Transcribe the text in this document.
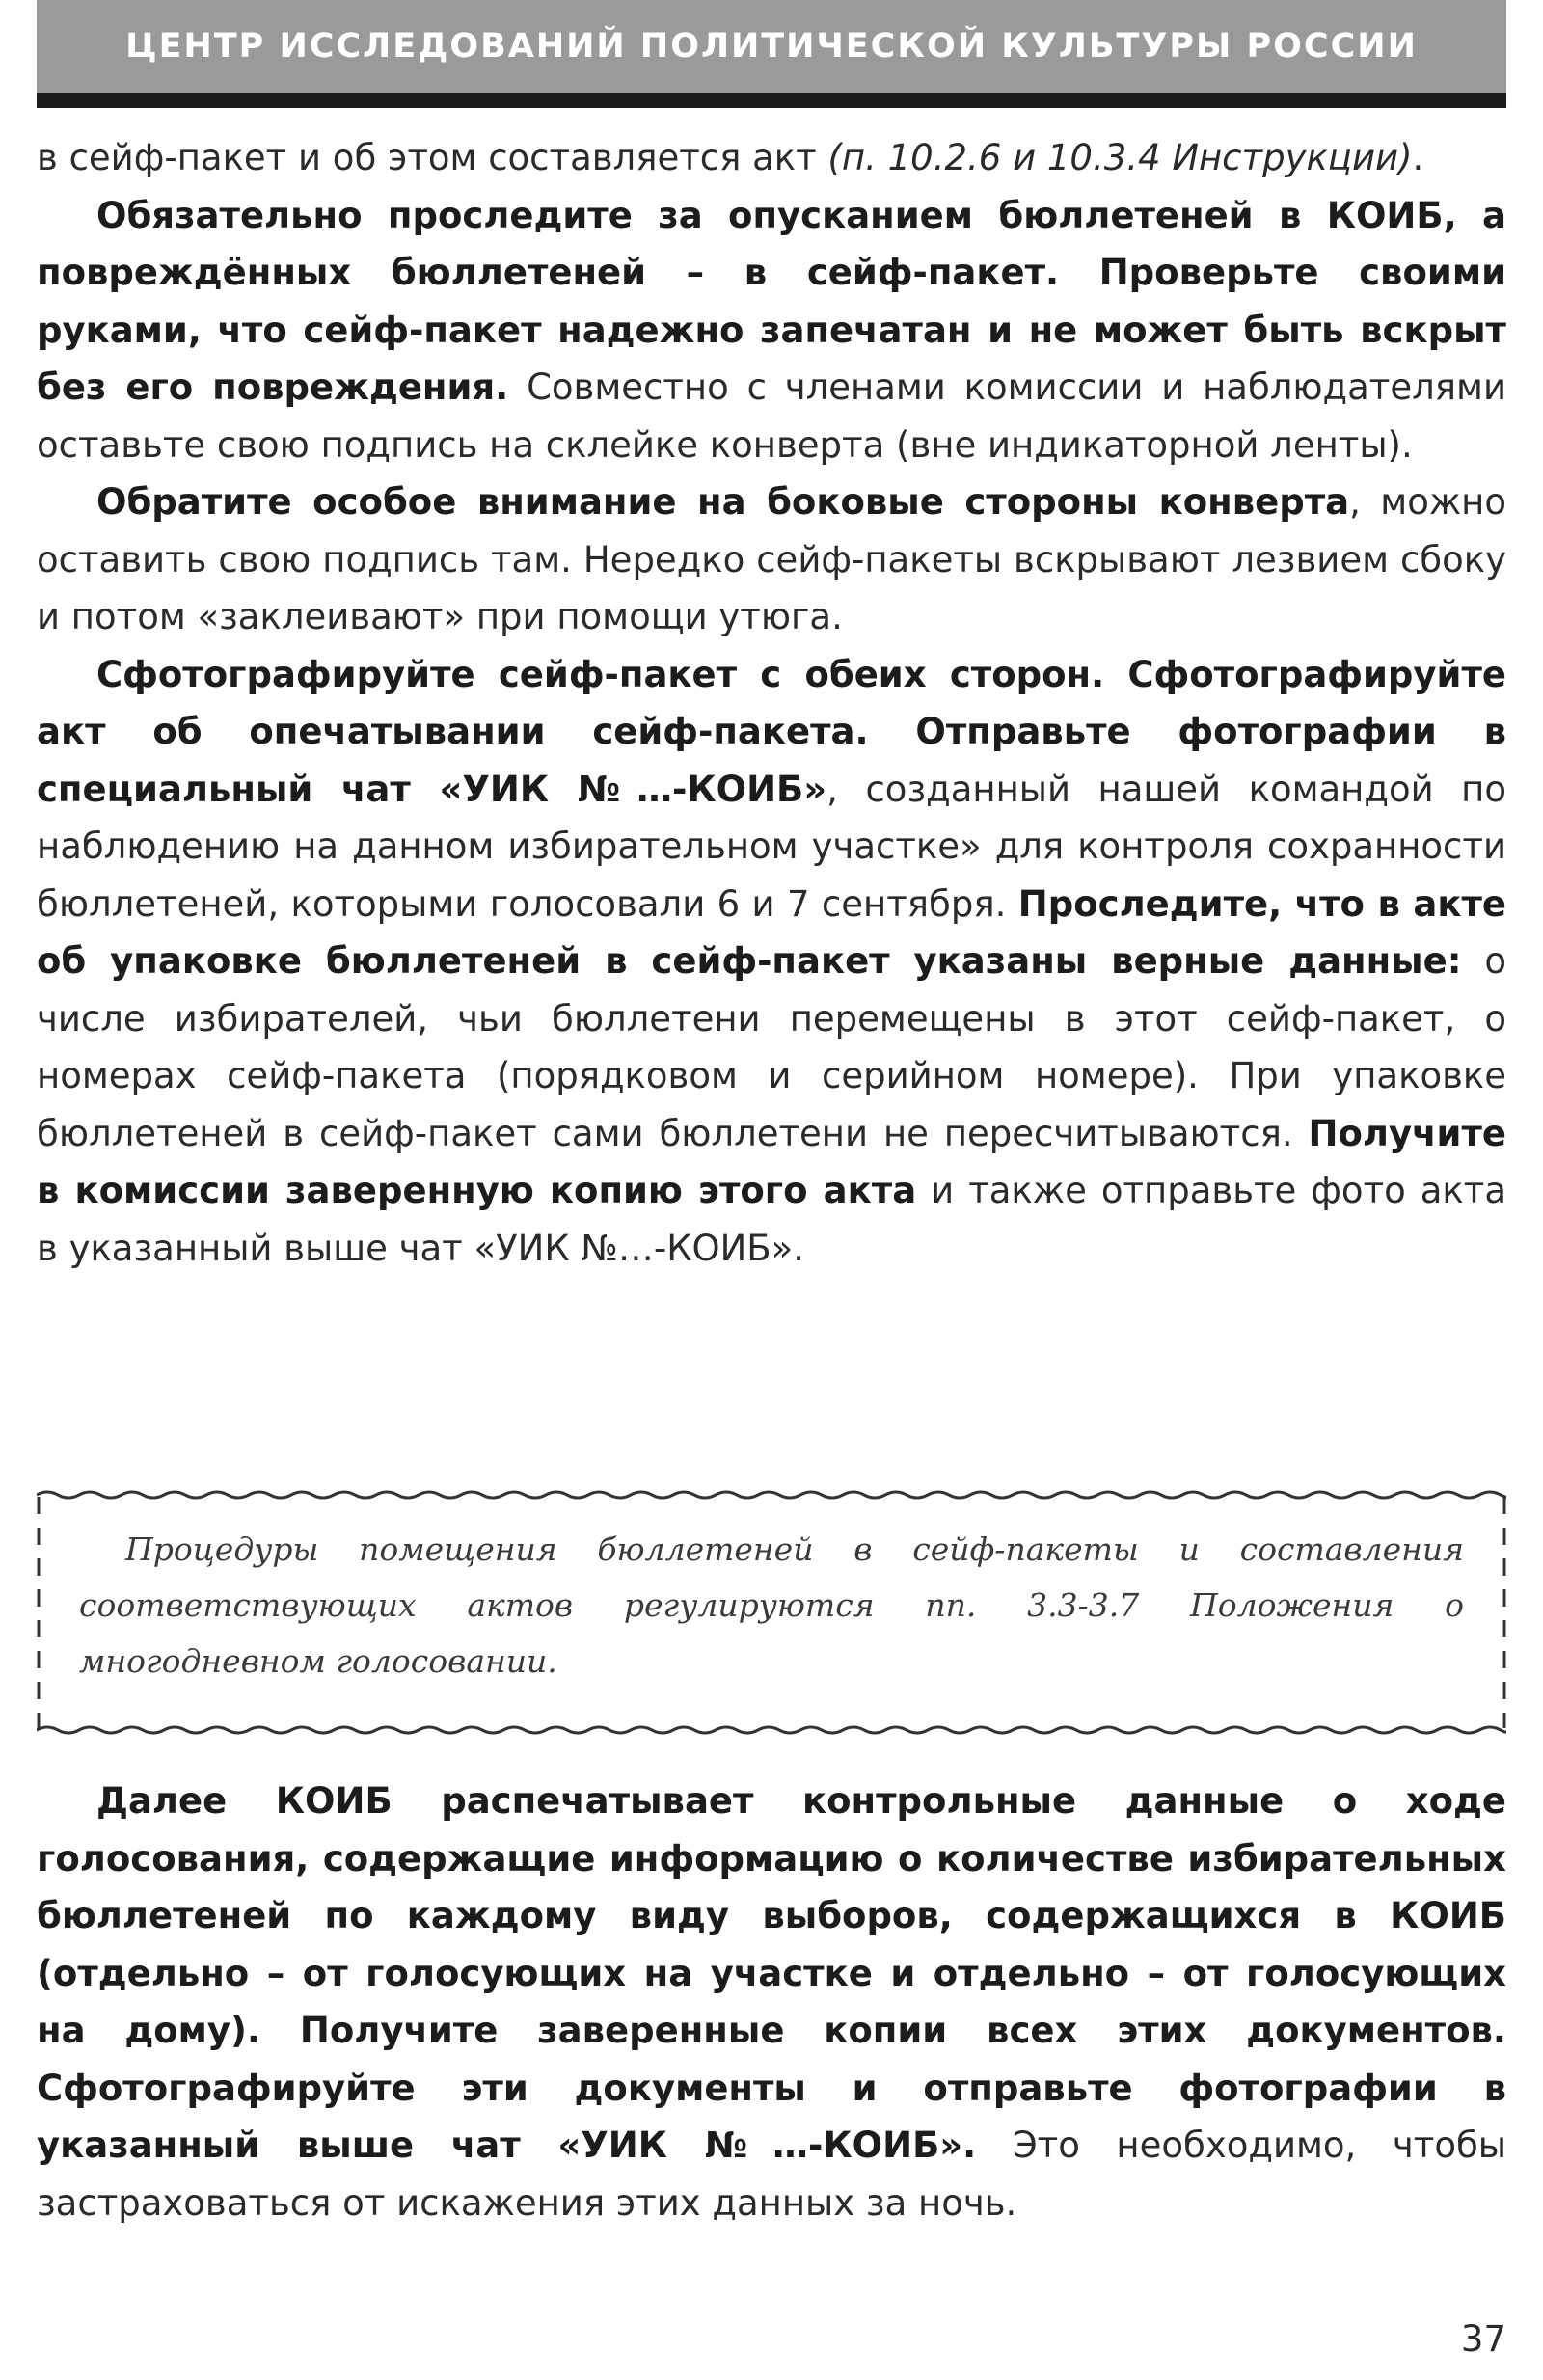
ЦЕНТР ИССЛЕДОВАНИЙ ПОЛИТИЧЕСКОЙ КУЛЬТУРЫ РОССИИ

в сейф-пакет и об этом составляется акт (п. 10.2.6 и 10.3.4 Инструкции).

Обязательно проследите за опусканием бюллетеней в КОИБ, а повреждённых бюллетеней – в сейф-пакет. Проверьте своими руками, что сейф-пакет надежно запечатан и не может быть вскрыт без его повреждения. Совместно с членами комиссии и наблюдателями оставьте свою подпись на склейке конверта (вне индикаторной ленты).

Обратите особое внимание на боковые стороны конверта, можно оставить свою подпись там. Нередко сейф-пакеты вскрывают лезвием сбоку и потом «заклеивают» при помощи утюга.

Сфотографируйте сейф-пакет с обеих сторон. Сфотографируйте акт об опечатывании сейф-пакета. Отправьте фотографии в специальный чат «УИК №…-КОИБ», созданный нашей командой по наблюдению на данном избирательном участке» для контроля сохранности бюллетеней, которыми голосовали 6 и 7 сентября. Проследите, что в акте об упаковке бюллетеней в сейф-пакет указаны верные данные: о числе избирателей, чьи бюллетени перемещены в этот сейф-пакет, о номерах сейф-пакета (порядковом и серийном номере). При упаковке бюллетеней в сейф-пакет сами бюллетени не пересчитываются. Получите в комиссии заверенную копию этого акта и также отправьте фото акта в указанный выше чат «УИК №…-КОИБ».

Процедуры помещения бюллетеней в сейф-пакеты и составления соответствующих актов регулируются пп. 3.3-3.7 Положения о многодневном голосовании.

Далее КОИБ распечатывает контрольные данные о ходе голосования, содержащие информацию о количестве избирательных бюллетеней по каждому виду выборов, содержащихся в КОИБ (отдельно – от голосующих на участке и отдельно – от голосующих на дому). Получите заверенные копии всех этих документов. Сфотографируйте эти документы и отправьте фотографии в указанный выше чат «УИК №…-КОИБ». Это необходимо, чтобы застраховаться от искажения этих данных за ночь.

37
